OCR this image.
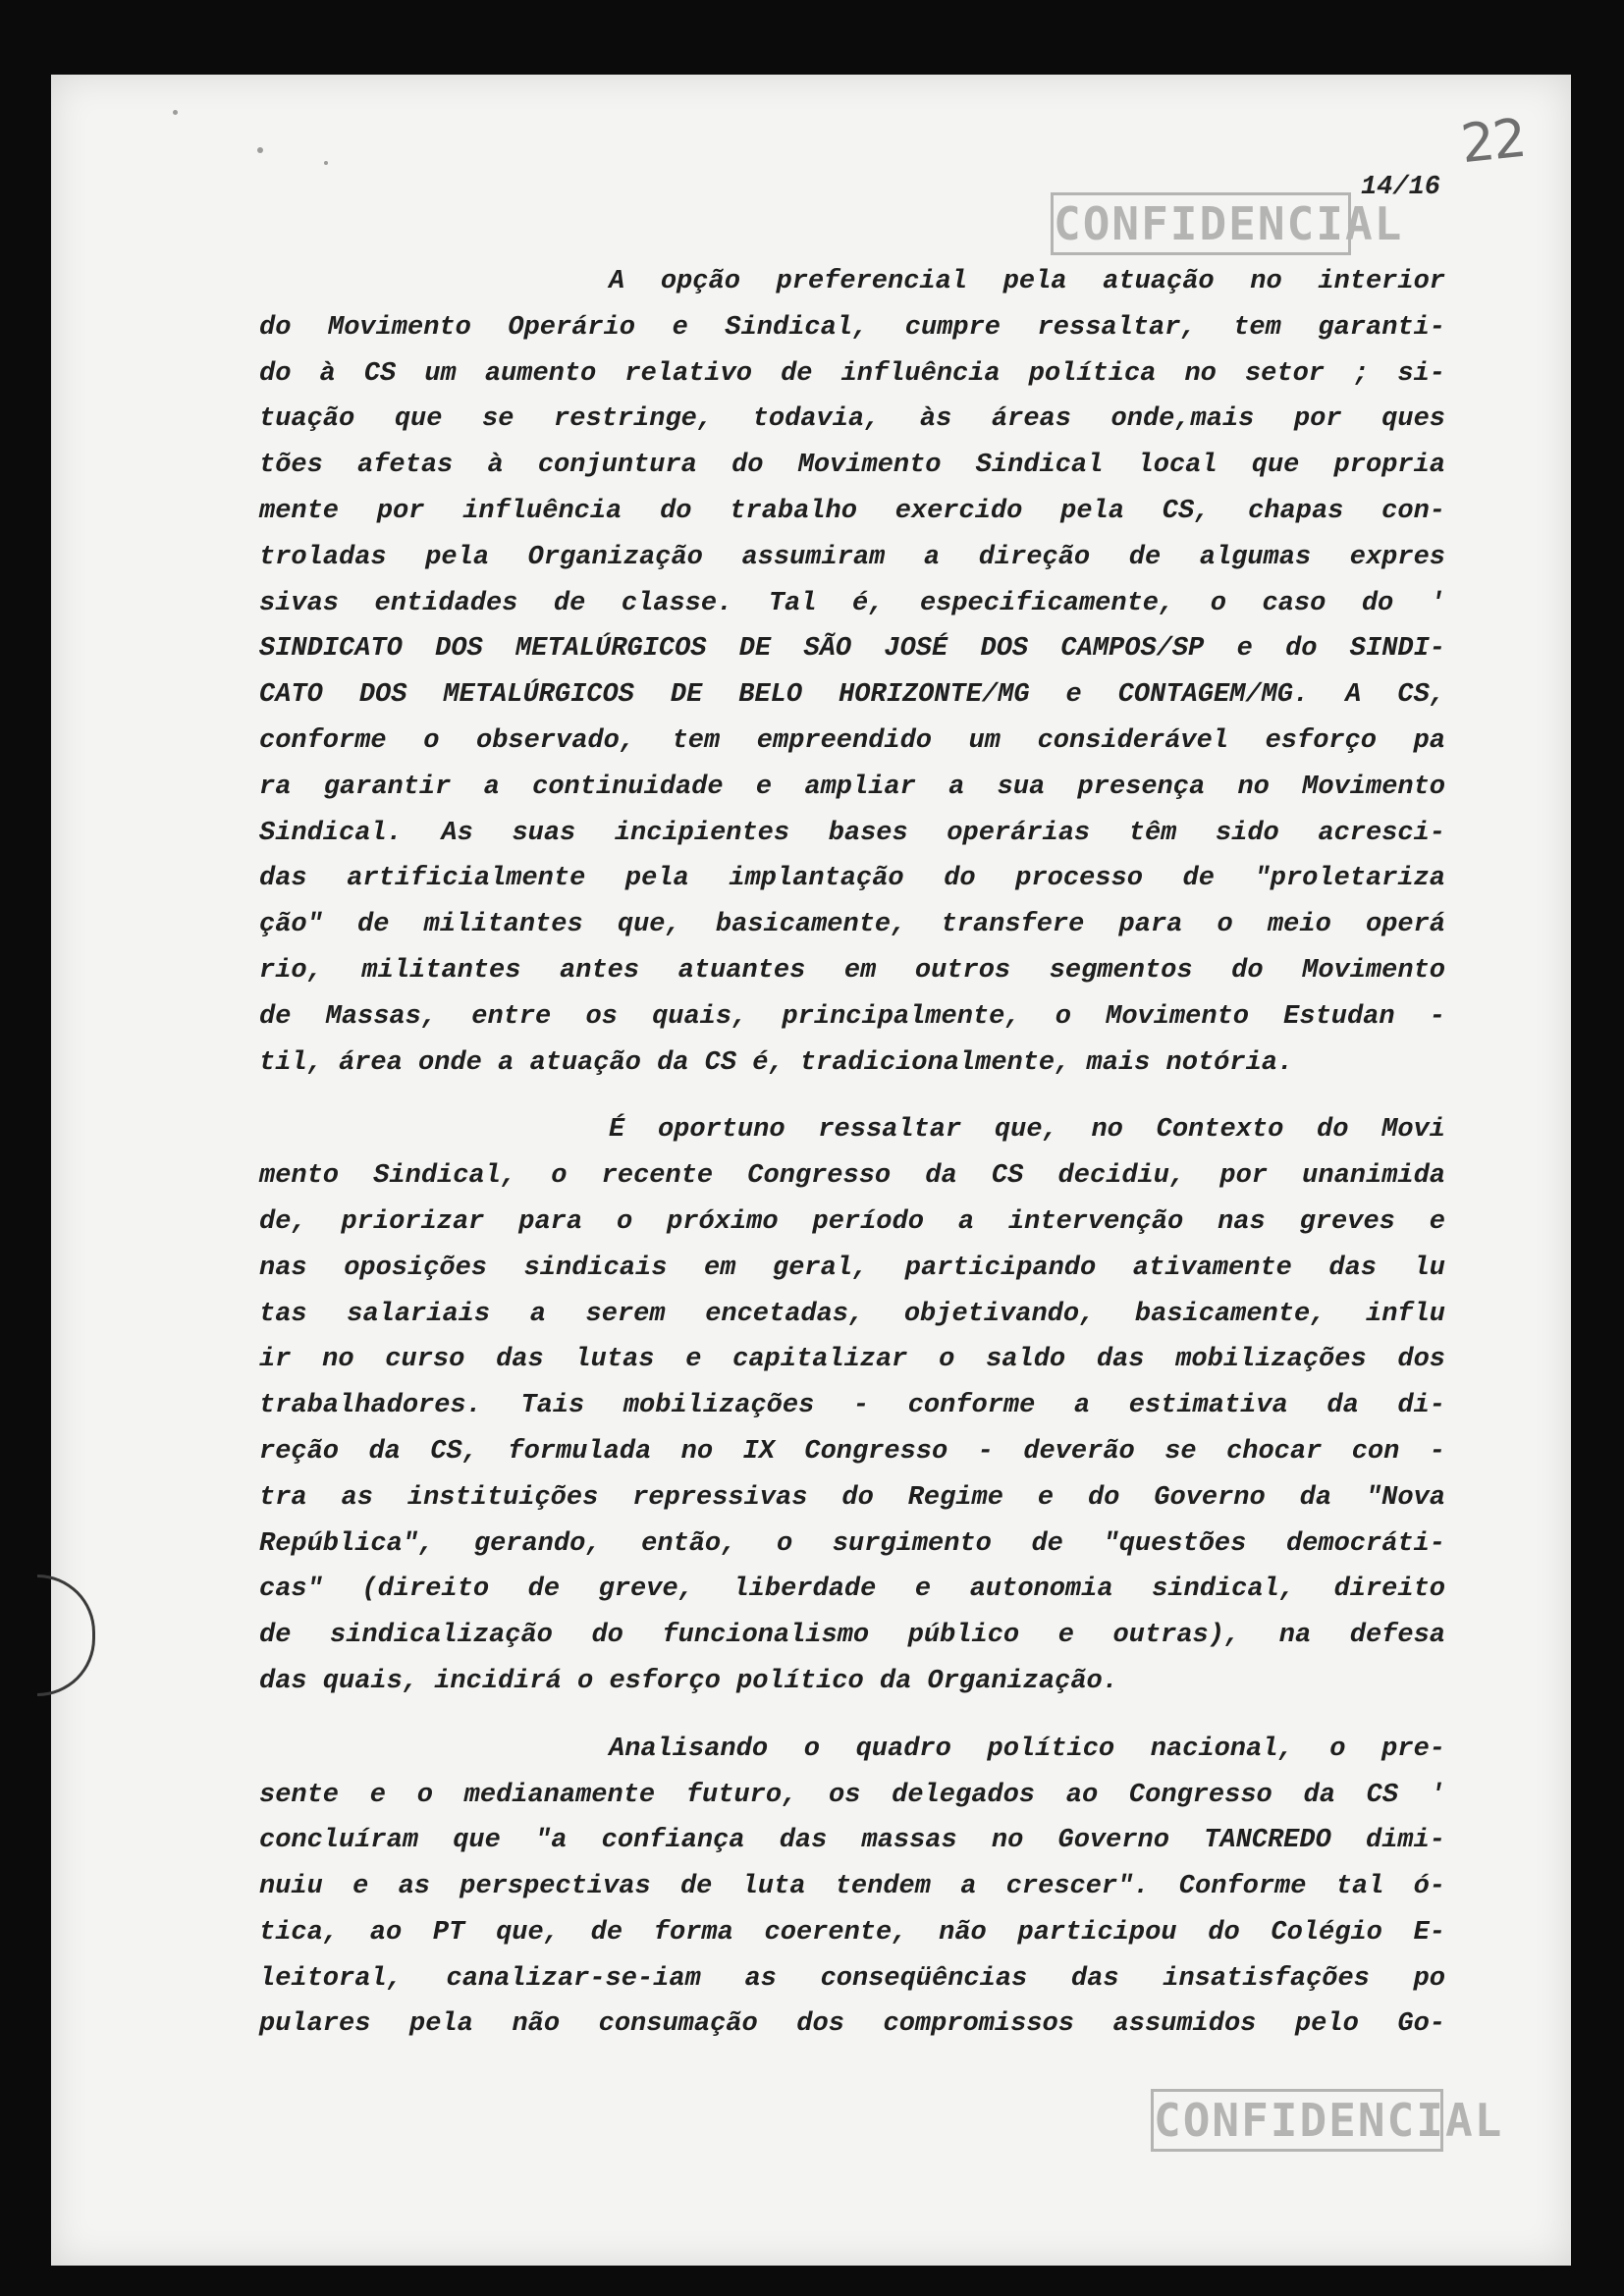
22
14/16
CONFIDENCIAL
CONFIDENCIAL
A opção preferencial pela atuação no interior
do Movimento Operário e Sindical, cumpre ressaltar, tem garanti-
do à CS um aumento relativo de influência política no setor ; si-
tuação que se restringe, todavia, às áreas onde,mais por ques
tões afetas à conjuntura do Movimento Sindical local que propria
mente por influência do trabalho exercido pela CS, chapas con-
troladas pela Organização assumiram a direção de algumas expres
sivas entidades de classe. Tal é, especificamente, o caso do '
SINDICATO DOS METALÚRGICOS DE SÃO JOSÉ DOS CAMPOS/SP e do SINDI-
CATO DOS METALÚRGICOS DE BELO HORIZONTE/MG e CONTAGEM/MG. A CS,
conforme o observado, tem empreendido um considerável esforço pa
ra garantir a continuidade e ampliar a sua presença no Movimento
Sindical. As suas incipientes bases operárias têm sido acresci-
das artificialmente pela implantação do processo de "proletariza
ção" de militantes que, basicamente, transfere para o meio operá
rio, militantes antes atuantes em outros segmentos do Movimento
de Massas, entre os quais, principalmente, o Movimento Estudan -
til, área onde a atuação da CS é, tradicionalmente, mais notória.
É oportuno ressaltar que, no Contexto do Movi
mento Sindical, o recente Congresso da CS decidiu, por unanimida
de, priorizar para o próximo período a intervenção nas greves e
nas oposições sindicais em geral, participando ativamente das lu
tas salariais a serem encetadas, objetivando, basicamente, influ
ir no curso das lutas e capitalizar o saldo das mobilizações dos
trabalhadores. Tais mobilizações - conforme a estimativa da di-
reção da CS, formulada no IX Congresso - deverão se chocar con -
tra as instituições repressivas do Regime e do Governo da "Nova
República", gerando, então, o surgimento de "questões democráti-
cas" (direito de greve, liberdade e autonomia sindical, direito
de sindicalização do funcionalismo público e outras), na defesa
das quais, incidirá o esforço político da Organização.
Analisando o quadro político nacional, o pre-
sente e o medianamente futuro, os delegados ao Congresso da CS '
concluíram que "a confiança das massas no Governo TANCREDO dimi-
nuiu e as perspectivas de luta tendem a crescer". Conforme tal ó-
tica, ao PT que, de forma coerente, não participou do Colégio E-
leitoral, canalizar-se-iam as conseqüências das insatisfações po
pulares pela não consumação dos compromissos assumidos pelo Go-
